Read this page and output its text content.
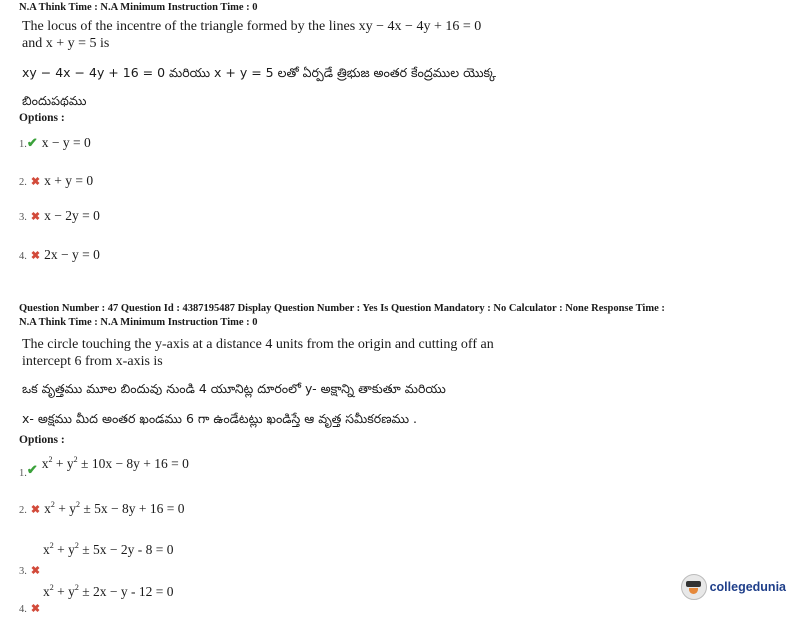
N.A Think Time : N.A Minimum Instruction Time : 0
The locus of the incentre of the triangle formed by the lines xy − 4x − 4y + 16 = 0
and x + y = 5 is
xy − 4x − 4y + 16 = 0 మరియు x + y = 5 లతో ఏర్పడే త్రిభుజ అంతర కేంద్రముల యొక్క
బిందుపథము
Options :
1.✔ x − y = 0
2. ✖ x + y = 0
3. ✖ x − 2y = 0
4. ✖ 2x − y = 0
Question Number : 47 Question Id : 4387195487 Display Question Number : Yes Is Question Mandatory : No Calculator : None Response Time :
N.A Think Time : N.A Minimum Instruction Time : 0
The circle touching the y-axis at a distance 4 units from the origin and cutting off an
intercept 6 from x-axis is
ఒక వృత్తము మూల బిందువు నుండి 4 యూనిట్ల దూరంలో y- అక్షాన్ని తాకుతూ మరియు
x- అక్షము మీద అంతర ఖండము 6 గా ఉండేటట్లు ఖండిస్తే ఆ వృత్త సమీకరణము .
Options :
$_{1.✔}$ $x^2 + y^2 \pm 10x - 8y + 16 = 0$
2. ✖ $x^2 + y^2 \pm 5x - 8y + 16 = 0$
$x^2 + y^2 \pm 5x - 2y - 8 = 0$
3. ✖
$x^2 + y^2 \pm 2x - y - 12 = 0$
4. ✖
collegedunia
